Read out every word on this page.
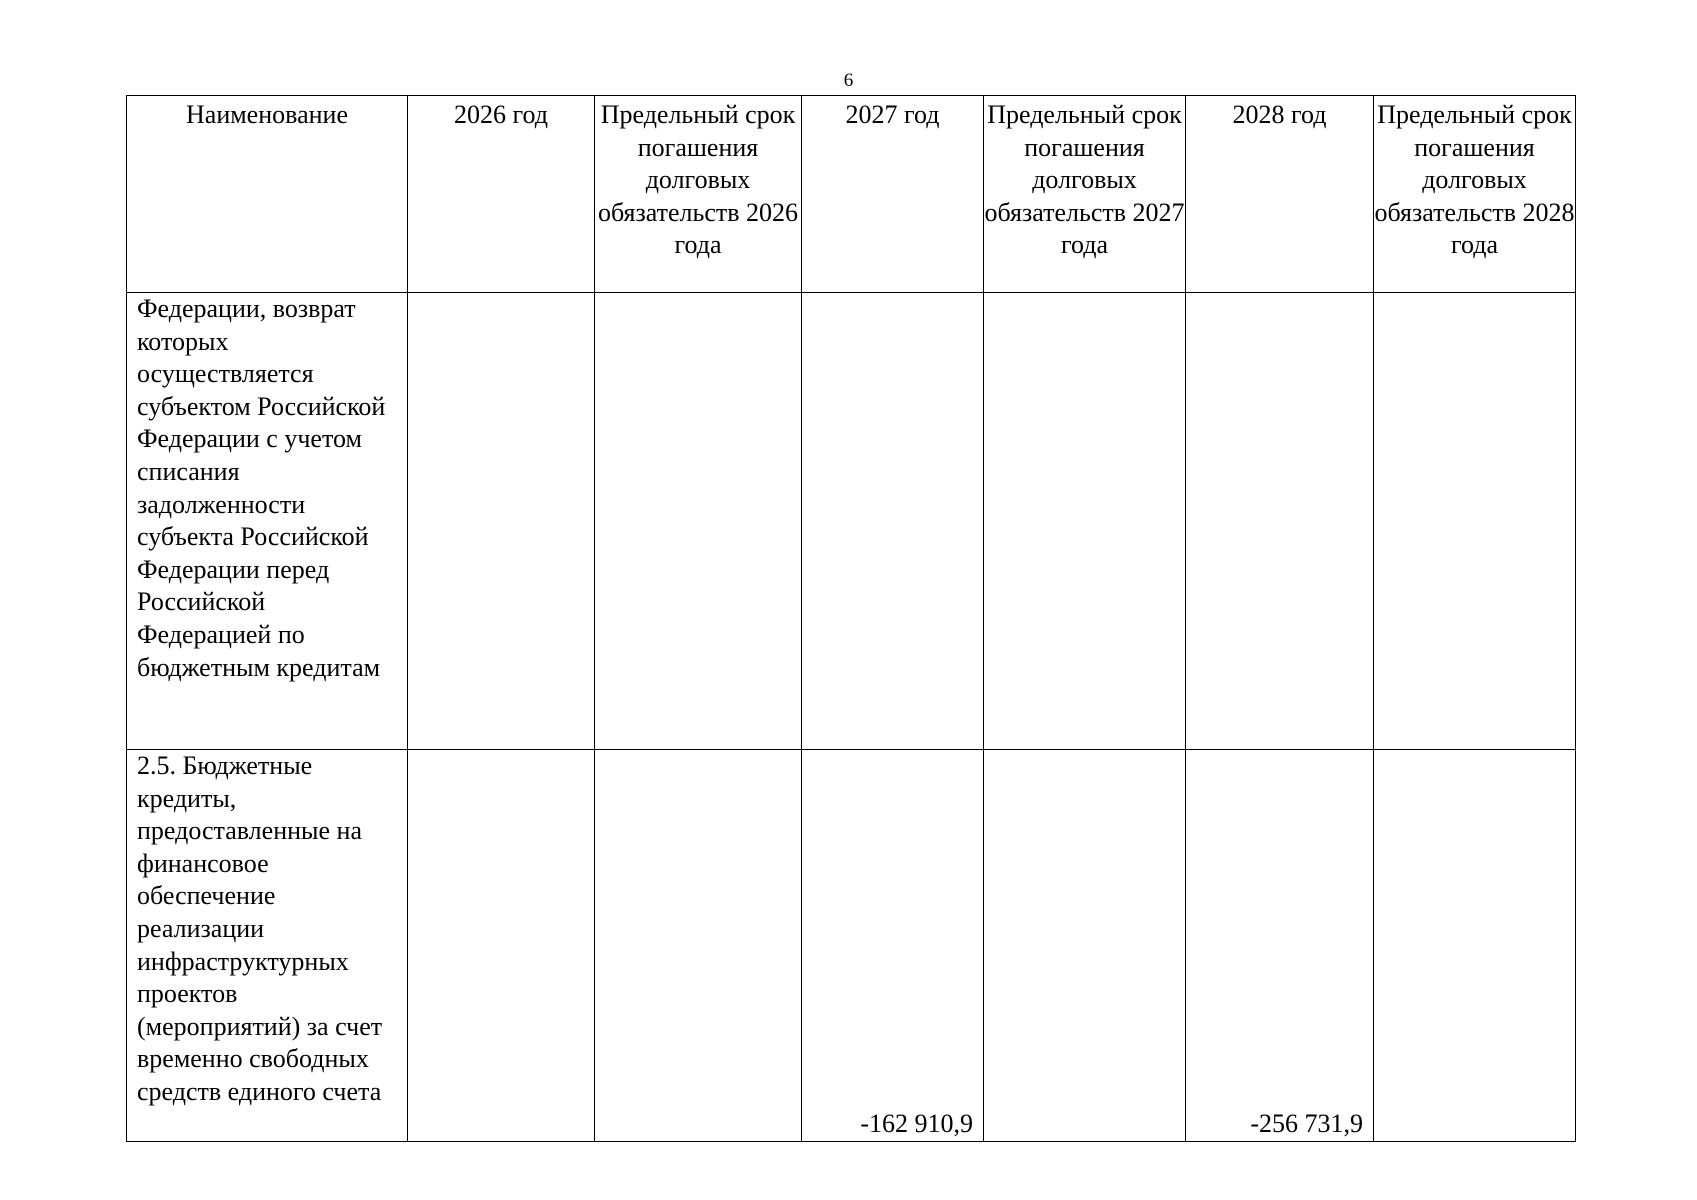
6
Наименование	2026 год	Предельный срок погашения долговых обязательств 2026 года	2027 год	Предельный срок погашения долговых обязательств 2027 года	2028 год	Предельный срок погашения долговых обязательств 2028 года
Федерации, возврат которых осуществляется субъектом Российской Федерации с учетом списания задолженности субъекта Российской Федерации перед Российской Федерацией по бюджетным кредитам						
2.5. Бюджетные кредиты, предоставленные на финансовое обеспечение реализации инфраструктурных проектов (мероприятий) за счет временно свободных средств единого счета			-162 910,9		-256 731,9	
